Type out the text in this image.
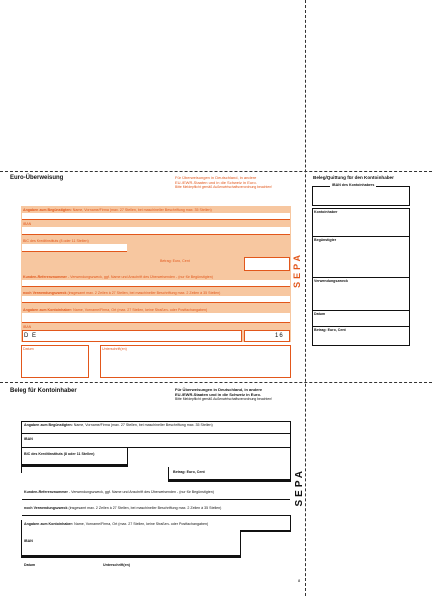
Euro-Überweisung	Für Überweisungen in Deutschland, in andere
EU-/EWR-Staaten und in die Schweiz in Euro.
Bitte Meldepflicht gemäß Außenwirtschaftsverordnung beachten!
Angaben zum Begünstigten: Name, Vorname/Firma (max. 27 Stellen, bei maschineller Beschriftung max. 35 Stellen)
IBAN
BIC des Kreditinstituts (8 oder 11 Stellen)
Betrag: Euro, Cent
Kunden-Referenznummer - Verwendungszweck, ggf. Name und Anschrift des Überweisenden - (nur für Begünstigten)
noch Verwendungszweck (insgesamt max. 2 Zeilen à 27 Stellen, bei maschineller Beschriftung max. 2 Zeilen à 35 Stellen)
Angaben zum Kontoinhaber: Name, Vorname/Firma, Ort (max. 27 Stellen, keine Straßen- oder Postfachangaben)
IBAN
D E	16
Datum	Unterschrift(en)
SEPA
Beleg/Quittung für den Kontoinhaber
IBAN des Kontoinhabers
Kontoinhaber
Begünstigter
Verwendungszweck
Datum
Betrag: Euro, Cent
Beleg für Kontoinhaber	Für Überweisungen in Deutschland, in andere
EU-/EWR-Staaten und in die Schweiz in Euro.
Bitte Meldepflicht gemäß Außenwirtschaftsverordnung beachten!
Angaben zum Begünstigten: Name, Vorname/Firma (max. 27 Stellen, bei maschineller Beschriftung max. 35 Stellen)
IBAN
BIC des Kreditinstituts (8 oder 11 Stellen)
Betrag: Euro, Cent
Kunden-Referenznummer - Verwendungszweck, ggf. Name und Anschrift des Überweisenden - (nur für Begünstigten)
noch Verwendungszweck (insgesamt max. 2 Zeilen à 27 Stellen, bei maschineller Beschriftung max. 2 Zeilen à 35 Stellen)
Angaben zum Kontoinhaber: Name, Vorname/Firma, Ort (max. 27 Stellen, keine Straßen- oder Postfachangaben)
IBAN
Datum	Unterschrift(en)
SEPA
8
